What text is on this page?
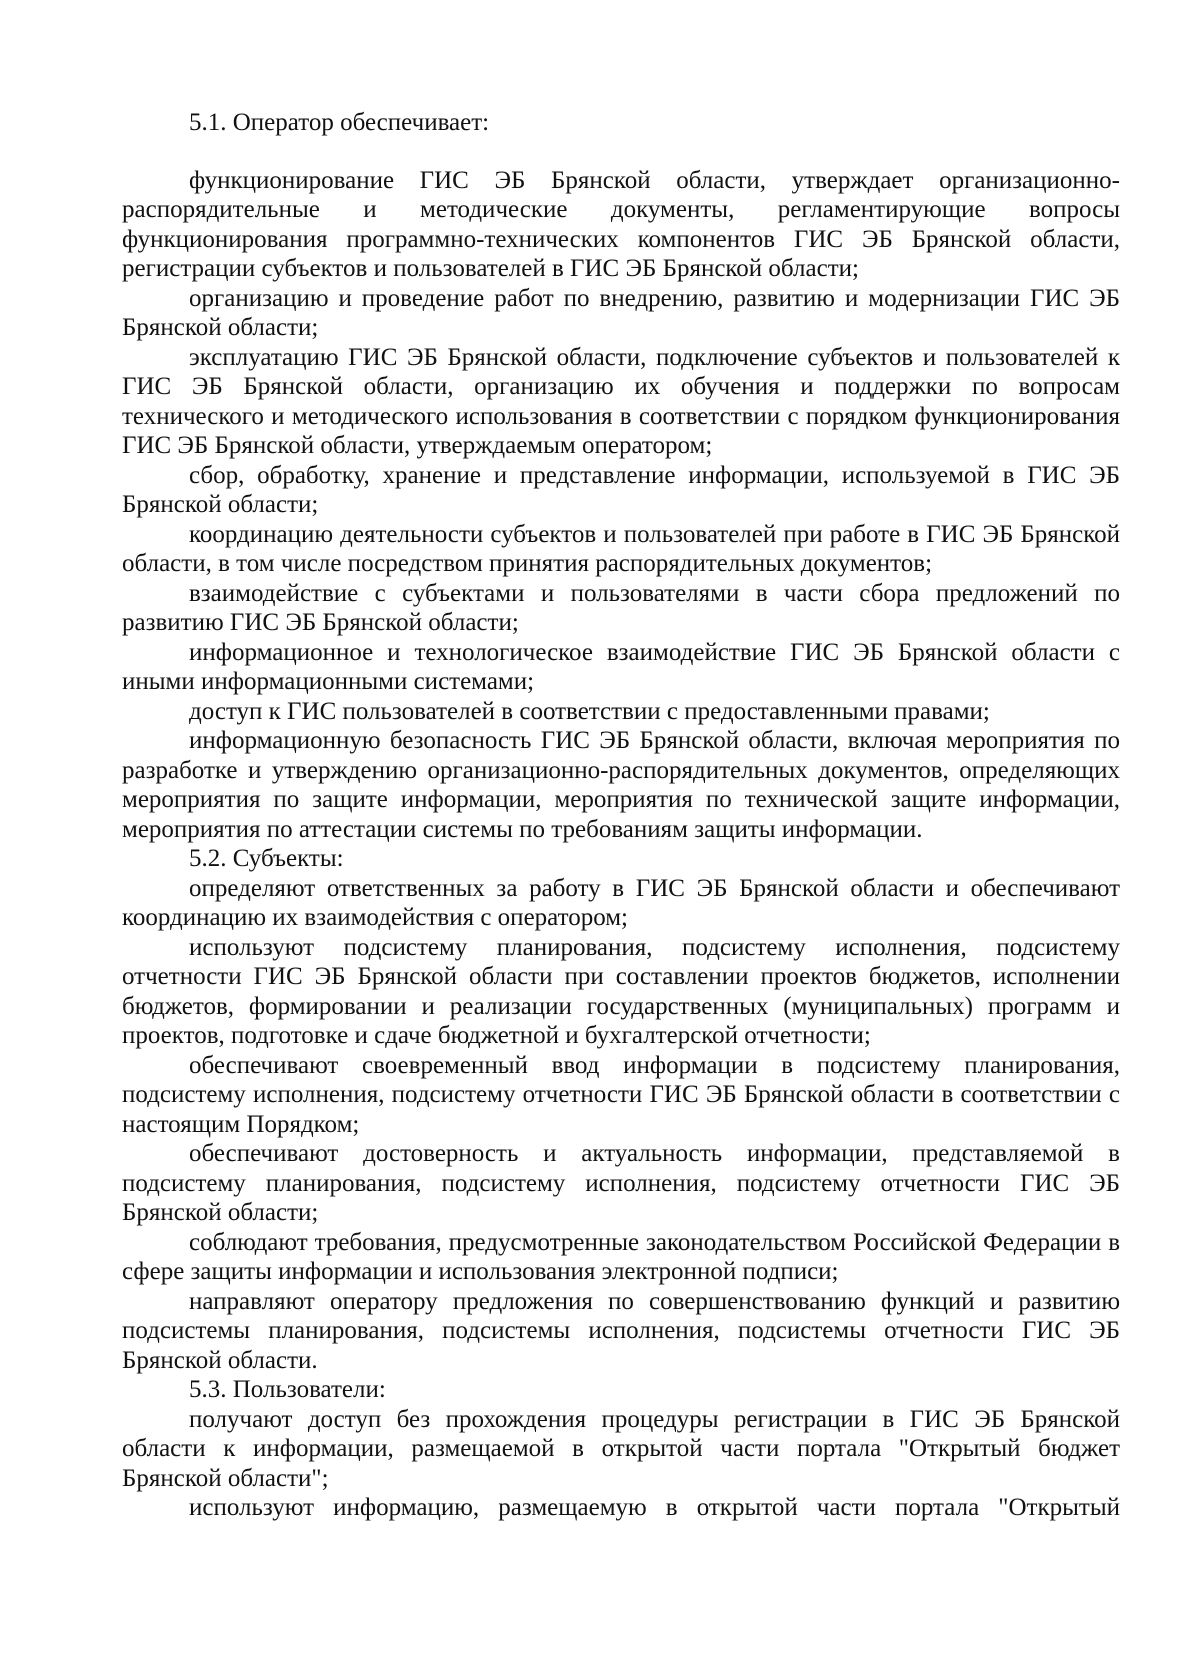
5.1. Оператор обеспечивает:

функционирование ГИС ЭБ Брянской области, утверждает организационно-распорядительные и методические документы, регламентирующие вопросы функционирования программно-технических компонентов ГИС ЭБ Брянской области, регистрации субъектов и пользователей в ГИС ЭБ Брянской области;

организацию и проведение работ по внедрению, развитию и модернизации ГИС ЭБ Брянской области;

эксплуатацию ГИС ЭБ Брянской области, подключение субъектов и пользователей к ГИС ЭБ Брянской области, организацию их обучения и поддержки по вопросам технического и методического использования в соответствии с порядком функционирования ГИС ЭБ Брянской области, утверждаемым оператором;

сбор, обработку, хранение и представление информации, используемой в ГИС ЭБ Брянской области;

координацию деятельности субъектов и пользователей при работе в ГИС ЭБ Брянской области, в том числе посредством принятия распорядительных документов;

взаимодействие с субъектами и пользователями в части сбора предложений по развитию ГИС ЭБ Брянской области;

информационное и технологическое взаимодействие ГИС ЭБ Брянской области с иными информационными системами;

доступ к ГИС пользователей в соответствии с предоставленными правами;

информационную безопасность ГИС ЭБ Брянской области, включая мероприятия по разработке и утверждению организационно-распорядительных документов, определяющих мероприятия по защите информации, мероприятия по технической защите информации, мероприятия по аттестации системы по требованиям защиты информации.

5.2. Субъекты:

определяют ответственных за работу в ГИС ЭБ Брянской области и обеспечивают координацию их взаимодействия с оператором;

используют подсистему планирования, подсистему исполнения, подсистему отчетности ГИС ЭБ Брянской области при составлении проектов бюджетов, исполнении бюджетов, формировании и реализации государственных (муниципальных) программ и проектов, подготовке и сдаче бюджетной и бухгалтерской отчетности;

обеспечивают своевременный ввод информации в подсистему планирования, подсистему исполнения, подсистему отчетности ГИС ЭБ Брянской области в соответствии с настоящим Порядком;

обеспечивают достоверность и актуальность информации, представляемой в подсистему планирования, подсистему исполнения, подсистему отчетности ГИС ЭБ Брянской области;

соблюдают требования, предусмотренные законодательством Российской Федерации в сфере защиты информации и использования электронной подписи;

направляют оператору предложения по совершенствованию функций и развитию подсистемы планирования, подсистемы исполнения, подсистемы отчетности ГИС ЭБ Брянской области.

5.3. Пользователи:

получают доступ без прохождения процедуры регистрации в ГИС ЭБ Брянской области к информации, размещаемой в открытой части портала "Открытый бюджет Брянской области";

используют информацию, размещаемую в открытой части портала "Открытый
